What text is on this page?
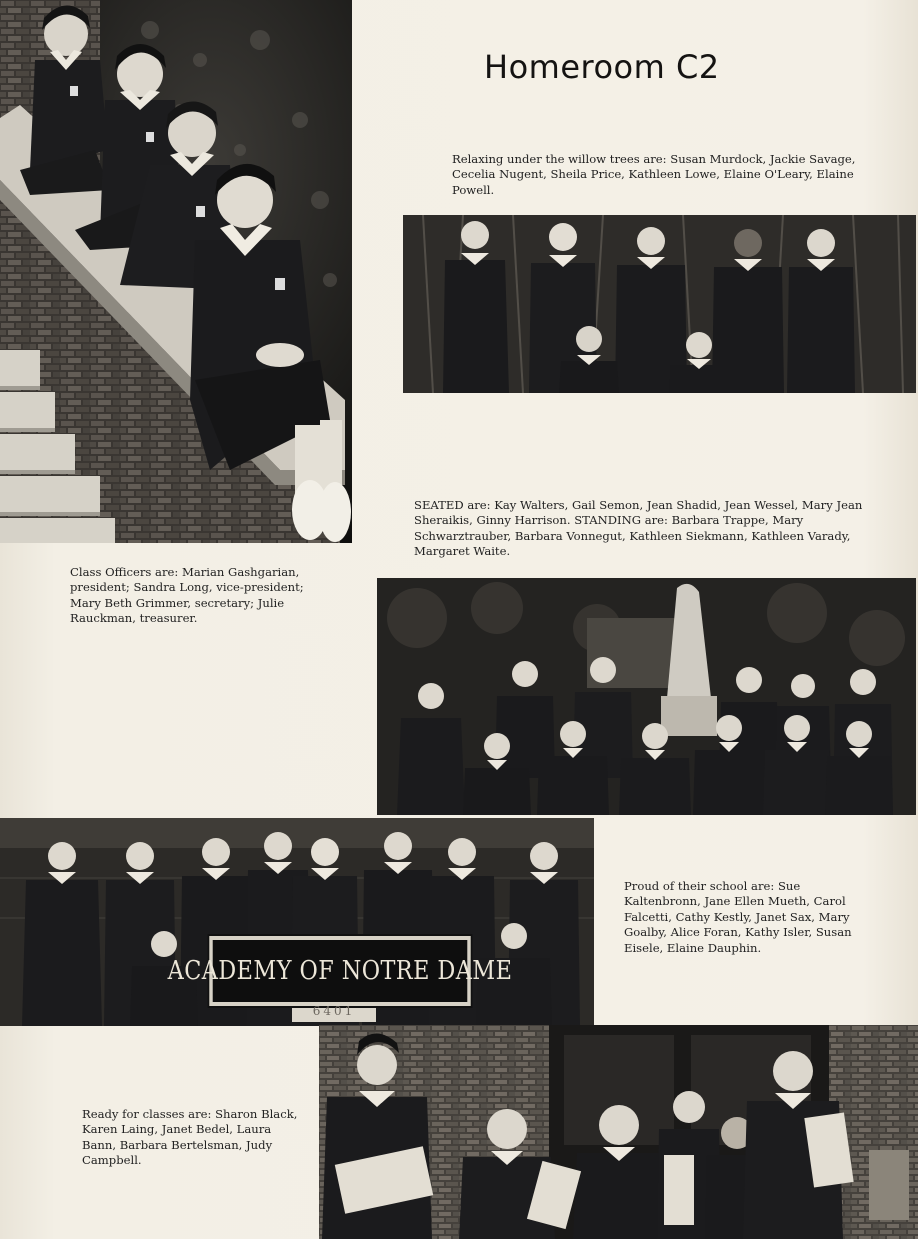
Homeroom C2

Relaxing under the willow trees are: Susan Murdock, Jackie Savage, Cecelia Nugent, Sheila Price, Kathleen Lowe, Elaine O'Leary, Elaine Powell.

SEATED are: Kay Walters, Gail Semon, Jean Shadid, Jean Wessel, Mary Jean Sheraikis, Ginny Harrison. STANDING are: Barbara Trappe, Mary Schwarztrauber, Barbara Vonnegut, Kathleen Siekmann, Kathleen Varady, Margaret Waite.

Class Officers are: Marian Gashgarian, president; Sandra Long, vice-president; Mary Beth Grimmer, secretary; Julie Rauckman, treasurer.

ACADEMY OF NOTRE DAME
6401

Proud of their school are: Sue Kaltenbronn, Jane Ellen Mueth, Carol Falcetti, Cathy Kestly, Janet Sax, Mary Goalby, Alice Foran, Kathy Isler, Susan Eisele, Elaine Dauphin.

Ready for classes are: Sharon Black, Karen Laing, Janet Bedel, Laura Bann, Barbara Bertelsman, Judy Campbell.
